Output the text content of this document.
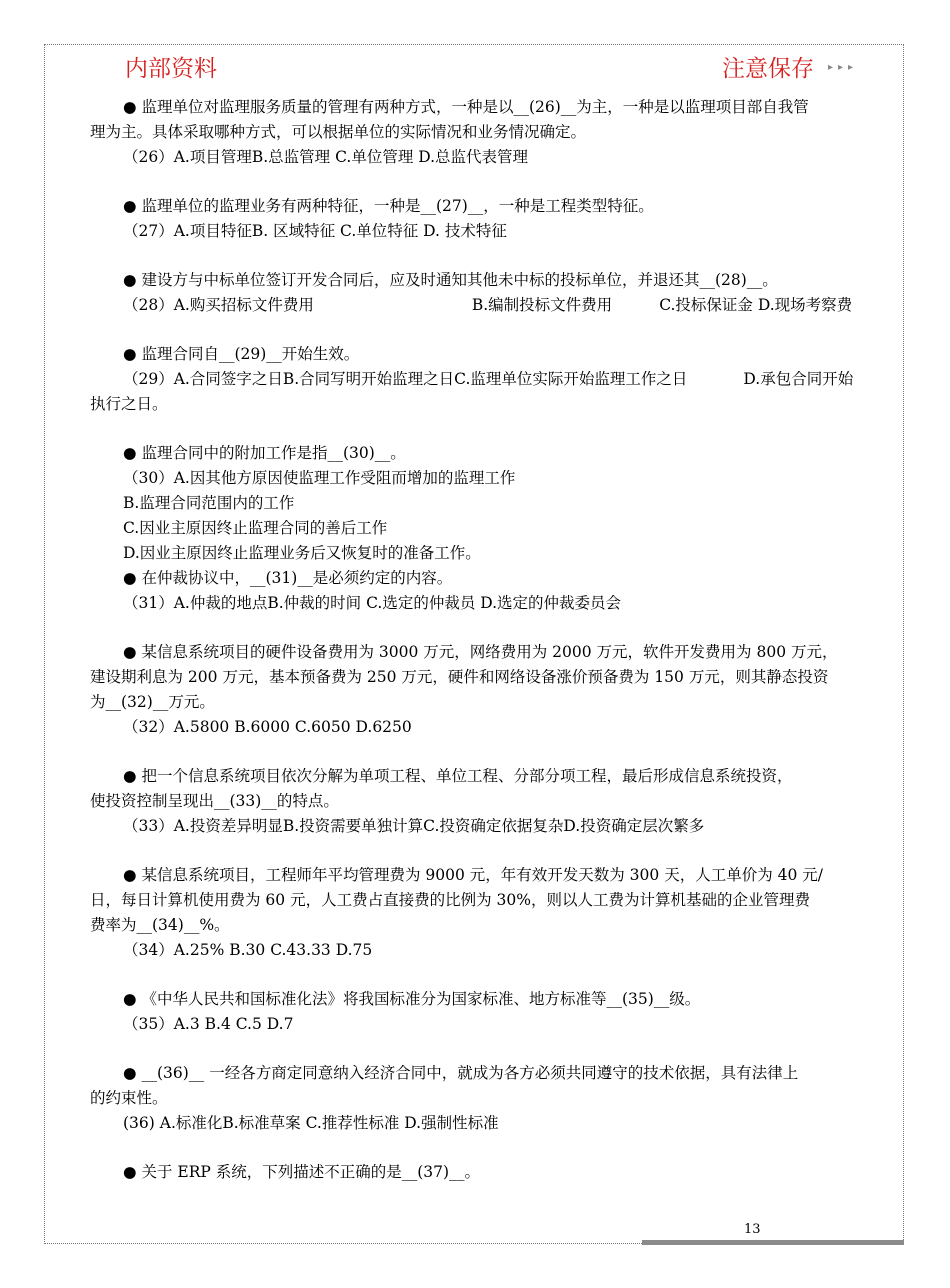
内部资料	注意保存 ▸▸▸

● 监理单位对监理服务质量的管理有两种方式，一种是以__(26)__为主，一种是以监理项目部自我管

理为主。具体采取哪种方式，可以根据单位的实际情况和业务情况确定。

（26）A.项目管理B.总监管理 C.单位管理 D.总监代表管理

● 监理单位的监理业务有两种特征，一种是__(27)__，一种是工程类型特征。

（27）A.项目特征B. 区域特征 C.单位特征 D. 技术特征

● 建设方与中标单位签订开发合同后，应及时通知其他未中标的投标单位，并退还其__(28)__。

（28）A.购买招标文件费用	B.编制投标文件费用	C.投标保证金 D.现场考察费

● 监理合同自__(29)__开始生效。

（29）A.合同签字之日B.合同写明开始监理之日C.监理单位实际开始监理工作之日	D.承包合同开始

执行之日。

● 监理合同中的附加工作是指__(30)__。

（30）A.因其他方原因使监理工作受阻而增加的监理工作

B.监理合同范围内的工作

C.因业主原因终止监理合同的善后工作

D.因业主原因终止监理业务后又恢复时的准备工作。

● 在仲裁协议中，__(31)__是必须约定的内容。

（31）A.仲裁的地点B.仲裁的时间 C.选定的仲裁员 D.选定的仲裁委员会

● 某信息系统项目的硬件设备费用为 3000 万元，网络费用为 2000 万元，软件开发费用为 800 万元，

建设期利息为 200 万元，基本预备费为 250 万元，硬件和网络设备涨价预备费为 150 万元，则其静态投资

为__(32)__万元。

（32）A.5800 B.6000 C.6050 D.6250

● 把一个信息系统项目依次分解为单项工程、单位工程、分部分项工程，最后形成信息系统投资，

使投资控制呈现出__(33)__的特点。

（33）A.投资差异明显B.投资需要单独计算C.投资确定依据复杂D.投资确定层次繁多

● 某信息系统项目，工程师年平均管理费为 9000 元，年有效开发天数为 300 天，人工单价为 40 元/

日，每日计算机使用费为 60 元，人工费占直接费的比例为 30%，则以人工费为计算机基础的企业管理费

费率为__(34)__%。

（34）A.25% B.30 C.43.33 D.75

● 《中华人民共和国标准化法》将我国标准分为国家标准、地方标准等__(35)__级。

（35）A.3 B.4 C.5 D.7

● __(36)__ 一经各方商定同意纳入经济合同中，就成为各方必须共同遵守的技术依据，具有法律上

的约束性。

(36) A.标准化B.标准草案 C.推荐性标准 D.强制性标准

● 关于 ERP 系统，下列描述不正确的是__(37)__。

13
